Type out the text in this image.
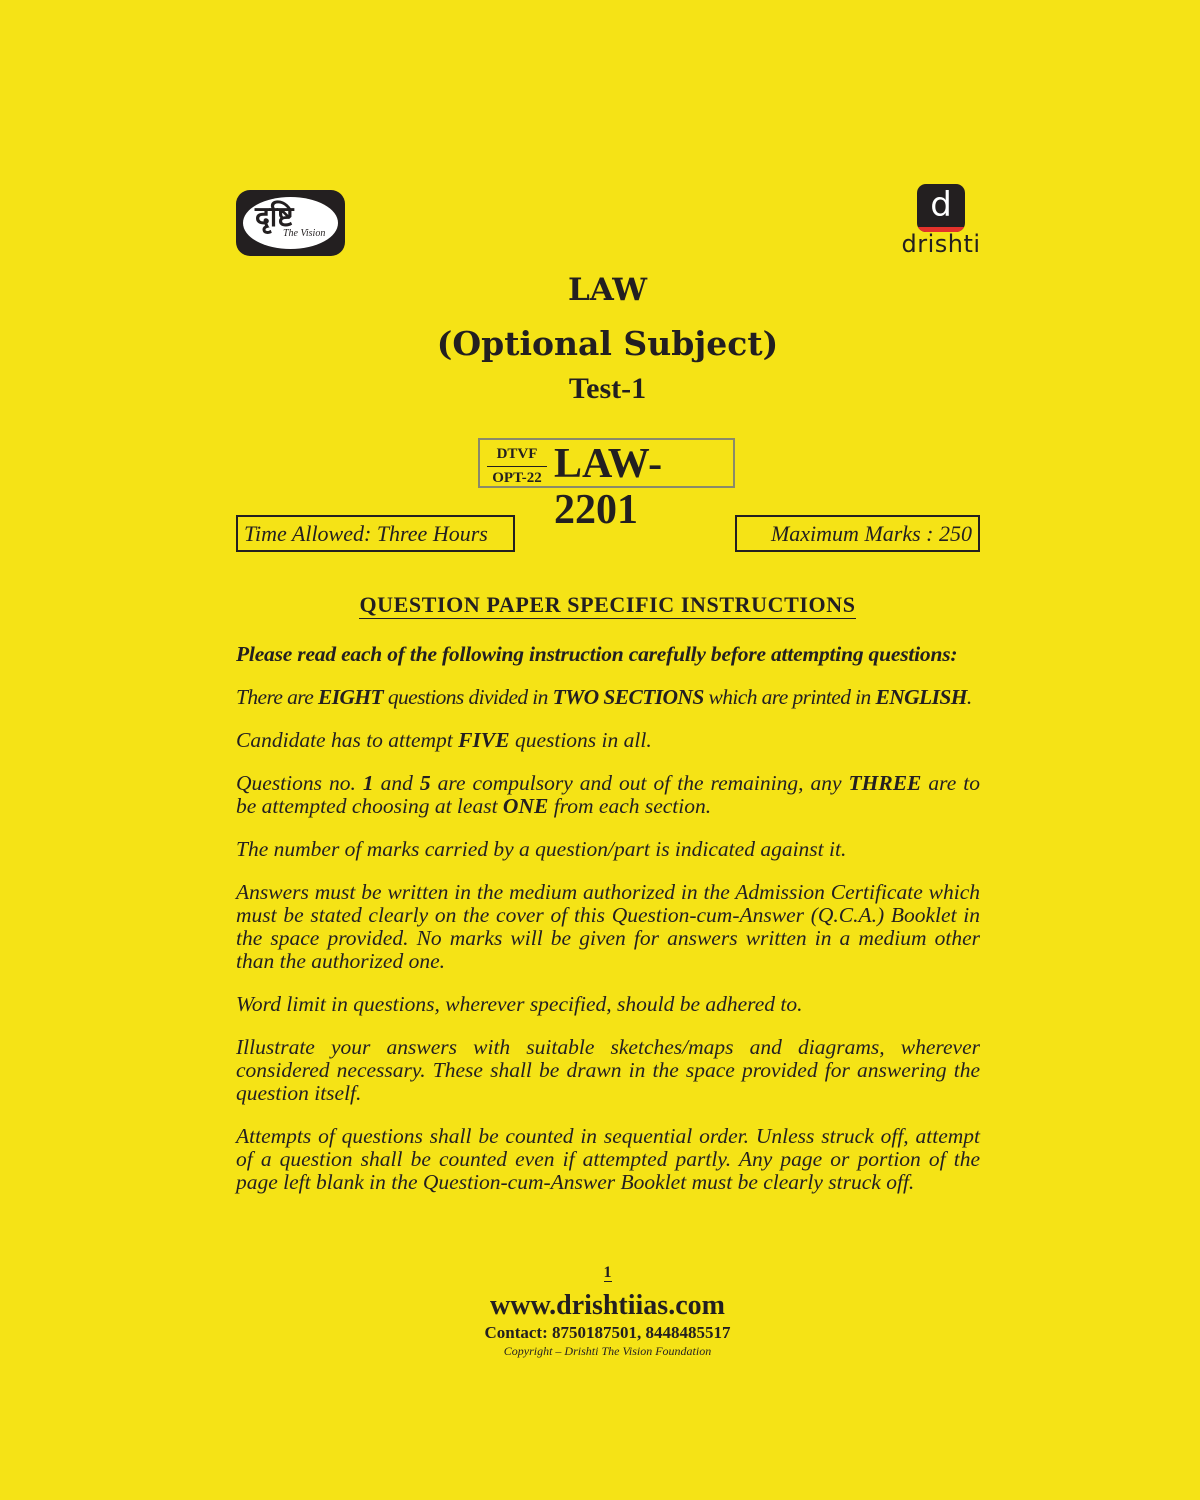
दृष्टि
The Vision
d
drishti
LAW
(Optional Subject)
Test-1
DTVF
OPT-22 LAW-2201
Time Allowed: Three Hours	Maximum Marks : 250
QUESTION PAPER SPECIFIC INSTRUCTIONS

Please read each of the following instruction carefully before attempting questions:

There are EIGHT questions divided in TWO SECTIONS which are printed in ENGLISH.

Candidate has to attempt FIVE questions in all.

Questions no. 1 and 5 are compulsory and out of the remaining, any THREE are to be attempted choosing at least ONE from each section.

The number of marks carried by a question/part is indicated against it.

Answers must be written in the medium authorized in the Admission Certificate which must be stated clearly on the cover of this Question-cum-Answer (Q.C.A.) Booklet in the space provided. No marks will be given for answers written in a medium other than the authorized one.

Word limit in questions, wherever specified, should be adhered to.

Illustrate your answers with suitable sketches/maps and diagrams, wherever considered necessary. These shall be drawn in the space provided for answering the question itself.

Attempts of questions shall be counted in sequential order. Unless struck off, attempt of a question shall be counted even if attempted partly. Any page or portion of the page left blank in the Question-cum-Answer Booklet must be clearly struck off.

1
www.drishtiias.com
Contact: 8750187501, 8448485517
Copyright – Drishti The Vision Foundation
